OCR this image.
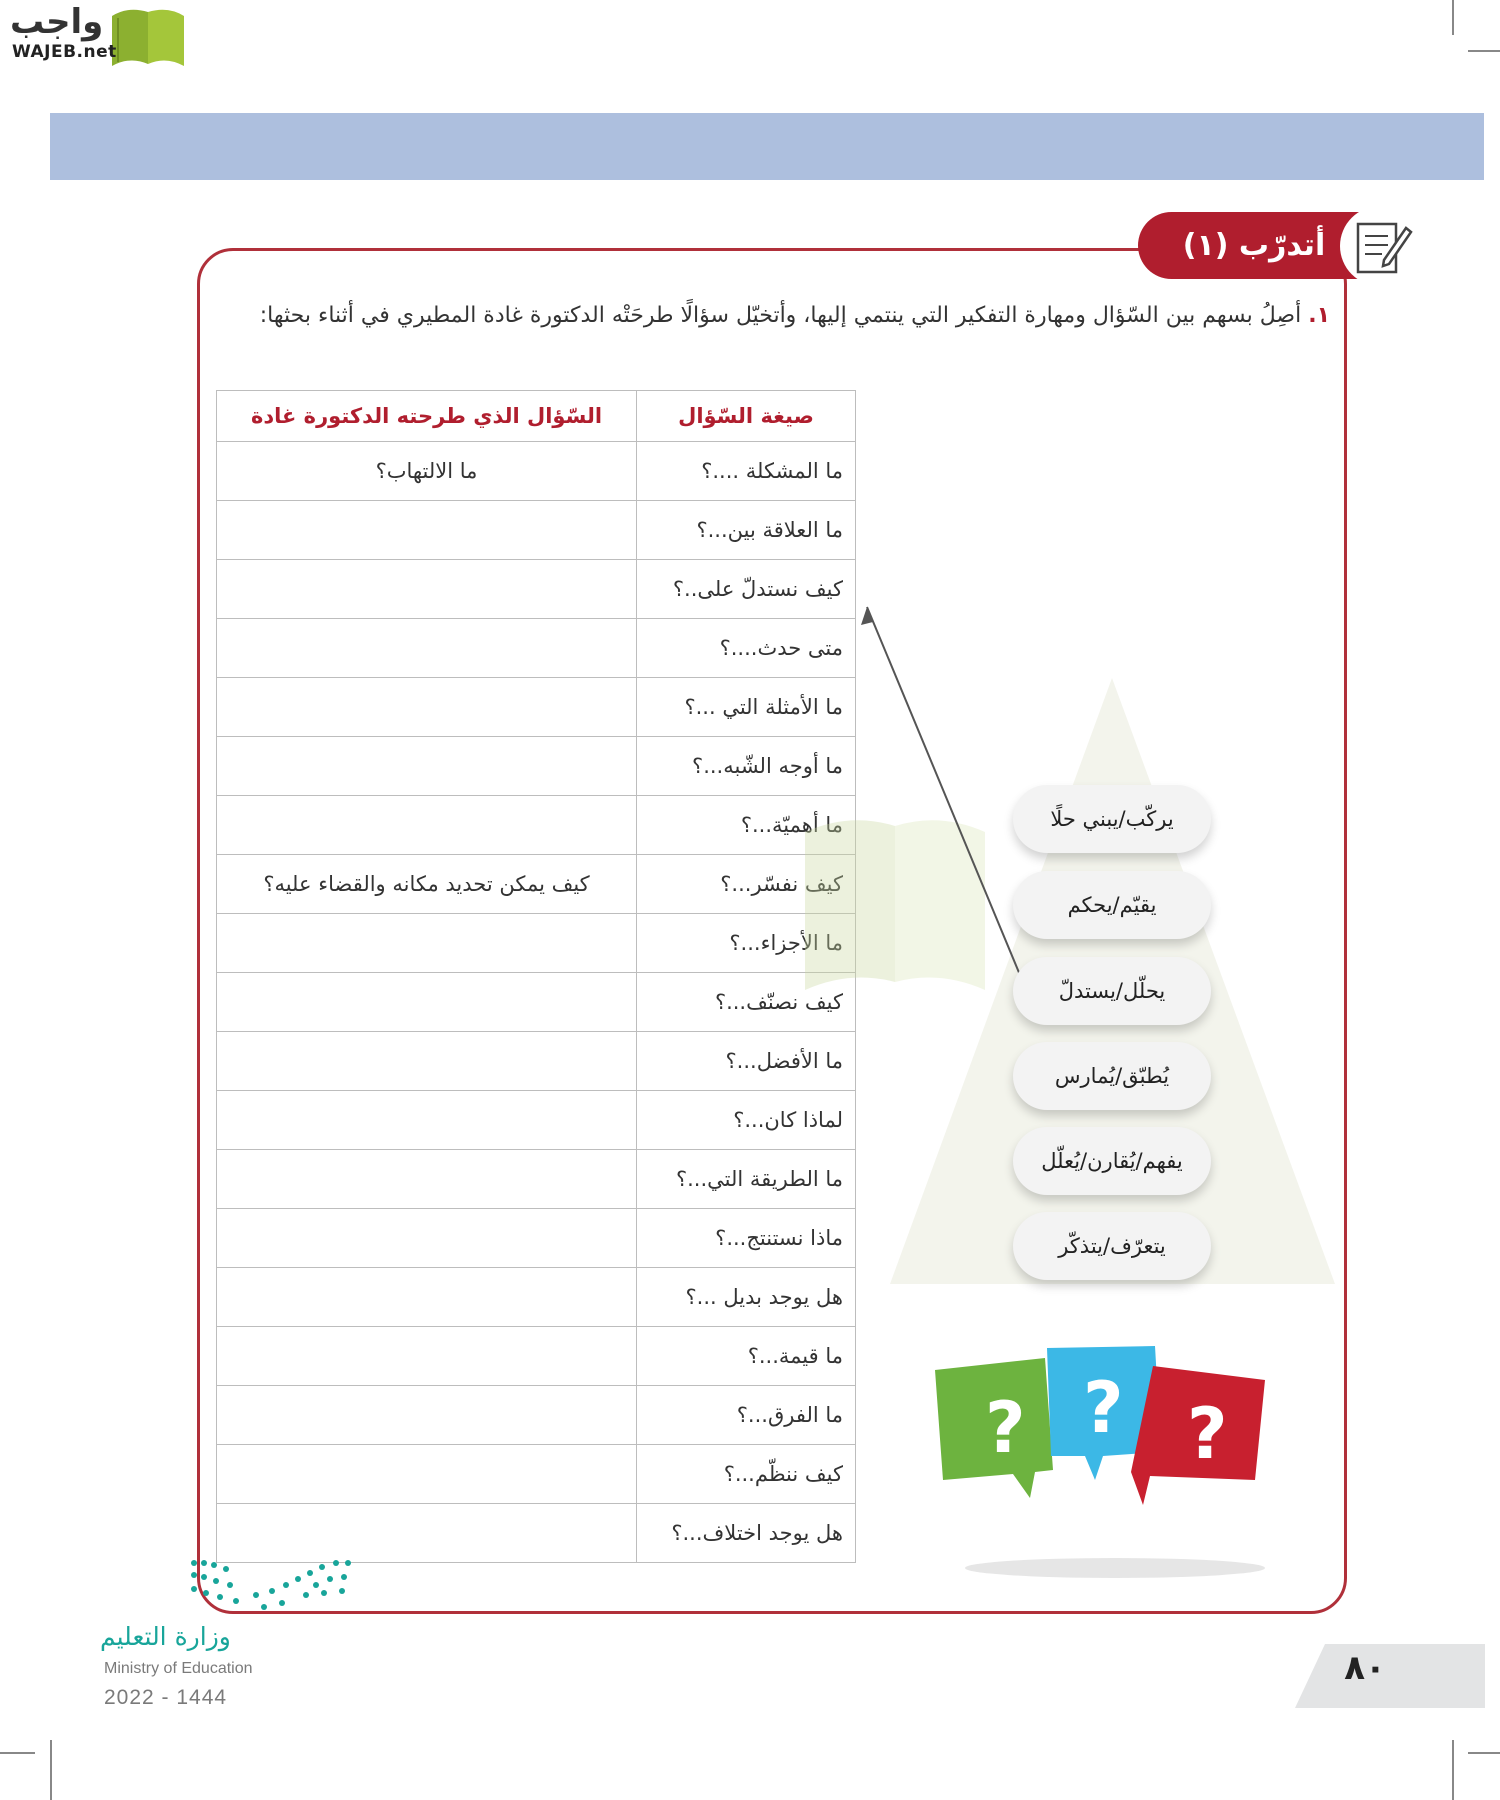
واجب
WAJEB.net
أتدرّب (١)
١. أصِلُ بسهم بين السّؤال ومهارة التفكير التي ينتمي إليها، وأتخيّل سؤالًا طرحَتْه الدكتورة غادة المطيري في أثناء بحثها:
صيغة السّؤال	السّؤال الذي طرحته الدكتورة غادة
ما المشكلة ....؟	ما الالتهاب؟
ما العلاقة بين...؟	
كيف نستدلّ على..؟	
متى حدث....؟	
ما الأمثلة التي ...؟	
ما أوجه الشّبه...؟	
ما أهميّة...؟	
كيف نفسّر...؟	كيف يمكن تحديد مكانه والقضاء عليه؟
ما الأجزاء...؟	
كيف نصنّف...؟	
ما الأفضل...؟	
لماذا كان...؟	
ما الطريقة التي...؟	
ماذا نستنتج...؟	
هل يوجد بديل ...؟	
ما قيمة...؟	
ما الفرق...؟	
كيف ننظّم...؟	
هل يوجد اختلاف...؟	
يركّب/يبني حلًا
يقيّم/يحكم
يحلّل/يستدلّ
يُطبّق/يُمارس
يفهم/يُقارن/يُعلّل
يتعرّف/يتذكّر
? ? ?
وزارة التعليم
Ministry of Education
2022 - 1444
٨٠
